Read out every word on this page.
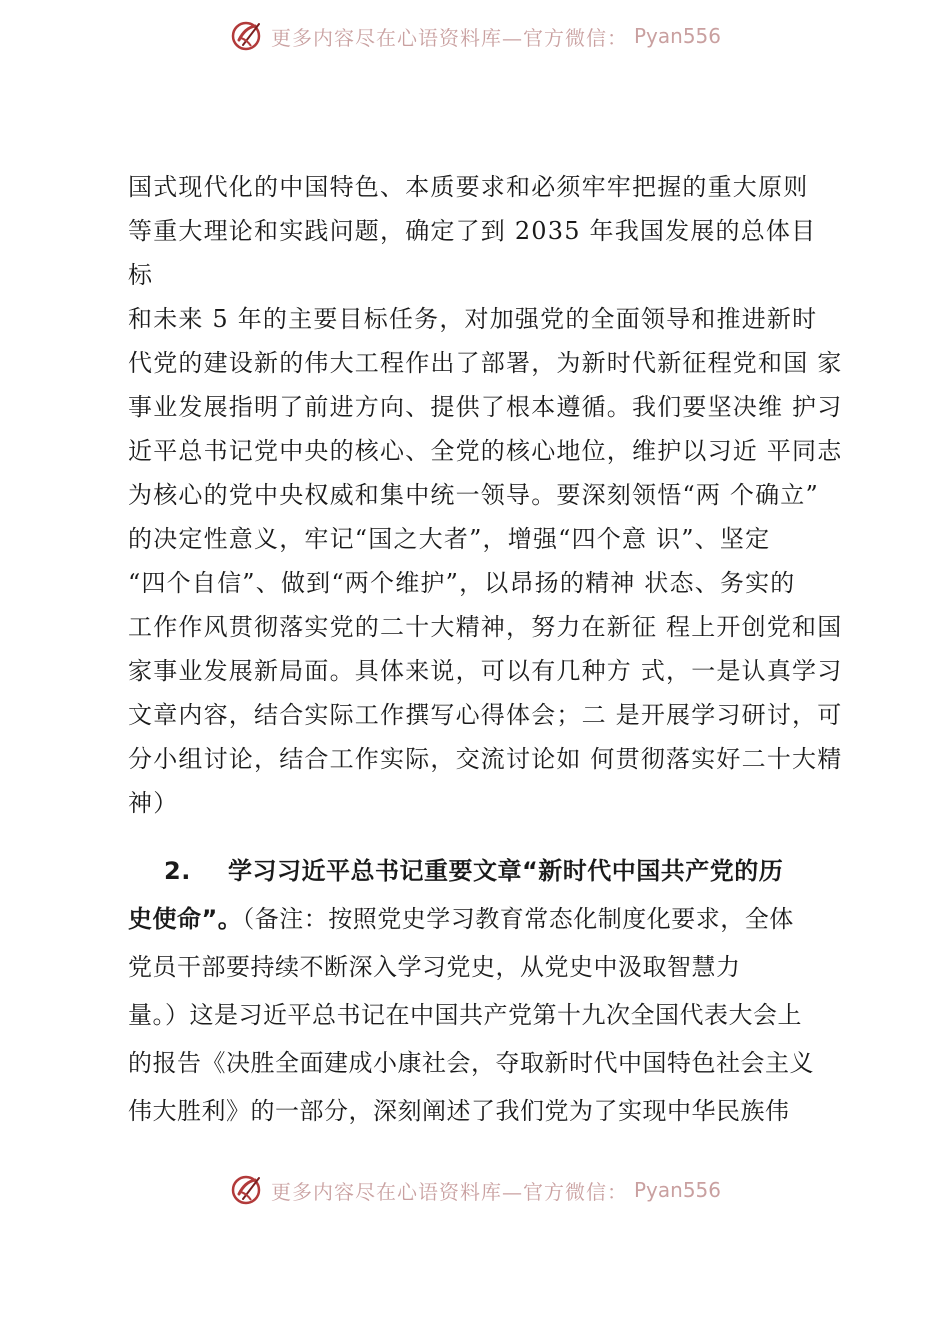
更多内容尽在心语资料库—官方微信： Pyan556
国式现代化的中国特色、本质要求和必须牢牢把握的重大原则
等重大理论和实践问题，确定了到 2035 年我国发展的总体目
标
和未来 5 年的主要目标任务，对加强党的全面领导和推进新时
代党的建设新的伟大工程作出了部署，为新时代新征程党和国 家
事业发展指明了前进方向、提供了根本遵循。我们要坚决维 护习
近平总书记党中央的核心、全党的核心地位，维护以习近 平同志
为核心的党中央权威和集中统一领导。要深刻领悟“两 个确立”
的决定性意义，牢记“国之大者”，增强“四个意 识”、坚定
“四个自信”、做到“两个维护”，以昂扬的精神 状态、务实的
工作作风贯彻落实党的二十大精神，努力在新征 程上开创党和国
家事业发展新局面。具体来说，可以有几种方 式，一是认真学习
文章内容，结合实际工作撰写心得体会；二 是开展学习研讨，可
分小组讨论，结合工作实际，交流讨论如 何贯彻落实好二十大精
神）
2. 学习习近平总书记重要文章“新时代中国共产党的历
史使命”。（备注：按照党史学习教育常态化制度化要求，全体
党员干部要持续不断深入学习党史，从党史中汲取智慧力
量。）这是习近平总书记在中国共产党第十九次全国代表大会上
的报告《决胜全面建成小康社会，夺取新时代中国特色社会主义
伟大胜利》的一部分，深刻阐述了我们党为了实现中华民族伟
更多内容尽在心语资料库—官方微信： Pyan556
